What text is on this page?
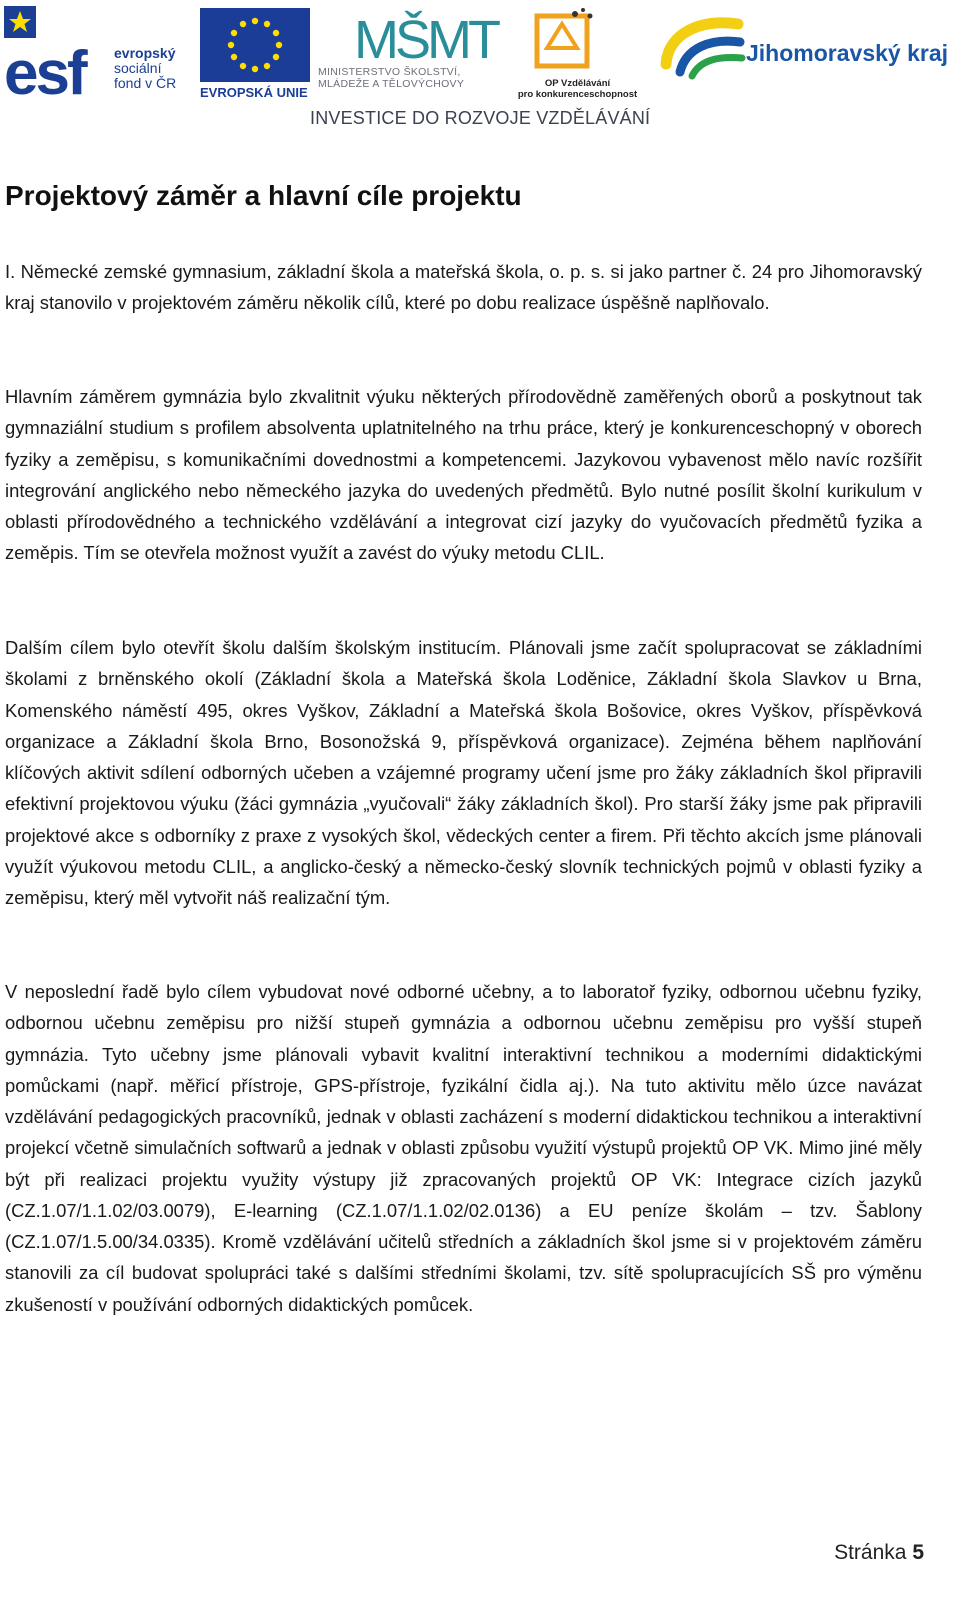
esf evropský
sociální
fond v ČR
EVROPSKÁ UNIE
MŠMT
MINISTERSTVO ŠKOLSTVÍ,
MLÁDEŽE A TĚLOVÝCHOVY	OP Vzdělávání
pro konkurenceschopnost
Jihomoravský kraj
INVESTICE DO ROZVOJE VZDĚLÁVÁNÍ
Projektový záměr a hlavní cíle projektu

I. Německé zemské gymnasium, základní škola a mateřská škola, o. p. s. si jako partner č. 24 pro Jihomoravský kraj stanovilo v projektovém záměru několik cílů, které po dobu realizace úspěšně naplňovalo.

Hlavním záměrem gymnázia bylo zkvalitnit výuku některých přírodovědně zaměřených oborů a poskytnout tak gymnaziální studium s profilem absolventa uplatnitelného na trhu práce, který je konkurenceschopný v oborech fyziky a zeměpisu, s komunikačními dovednostmi a kompetencemi. Jazykovou vybavenost mělo navíc rozšířit integrování anglického nebo německého jazyka do uvedených předmětů. Bylo nutné posílit školní kurikulum v oblasti přírodovědného a technického vzdělávání a integrovat cizí jazyky do vyučovacích předmětů fyzika a zeměpis. Tím se otevřela možnost využít a zavést do výuky metodu CLIL.

Dalším cílem bylo otevřít školu dalším školským institucím. Plánovali jsme začít spolupracovat se základními školami z brněnského okolí (Základní škola a Mateřská škola Loděnice, Základní škola Slavkov u Brna, Komenského náměstí 495, okres Vyškov, Základní a Mateřská škola Bošovice, okres Vyškov, příspěvková organizace a Základní škola Brno, Bosonožská 9, příspěvková organizace). Zejména během naplňování klíčových aktivit sdílení odborných učeben a vzájemné programy učení jsme pro žáky základních škol připravili efektivní projektovou výuku (žáci gymnázia „vyučovali“ žáky základních škol). Pro starší žáky jsme pak připravili projektové akce s odborníky z praxe z vysokých škol, vědeckých center a firem. Při těchto akcích jsme plánovali využít výukovou metodu CLIL, a anglicko-český a německo-český slovník technických pojmů v oblasti fyziky a zeměpisu, který měl vytvořit náš realizační tým.

V neposlední řadě bylo cílem vybudovat nové odborné učebny, a to laboratoř fyziky, odbornou učebnu fyziky, odbornou učebnu zeměpisu pro nižší stupeň gymnázia a odbornou učebnu zeměpisu pro vyšší stupeň gymnázia. Tyto učebny jsme plánovali vybavit kvalitní interaktivní technikou a moderními didaktickými pomůckami (např. měřicí přístroje, GPS-přístroje, fyzikální čidla aj.). Na tuto aktivitu mělo úzce navázat vzdělávání pedagogických pracovníků, jednak v oblasti zacházení s moderní didaktickou technikou a interaktivní projekcí včetně simulačních softwarů a jednak v oblasti způsobu využití výstupů projektů OP VK. Mimo jiné měly být při realizaci projektu využity výstupy již zpracovaných projektů OP VK: Integrace cizích jazyků (CZ.1.07/1.1.02/03.0079), E-learning (CZ.1.07/1.1.02/02.0136) a EU peníze školám – tzv. Šablony (CZ.1.07/1.5.00/34.0335). Kromě vzdělávání učitelů středních a základních škol jsme si v projektovém záměru stanovili za cíl budovat spolupráci také s dalšími středními školami, tzv. sítě spolupracujících SŠ pro výměnu zkušeností v používání odborných didaktických pomůcek.

Stránka 5
